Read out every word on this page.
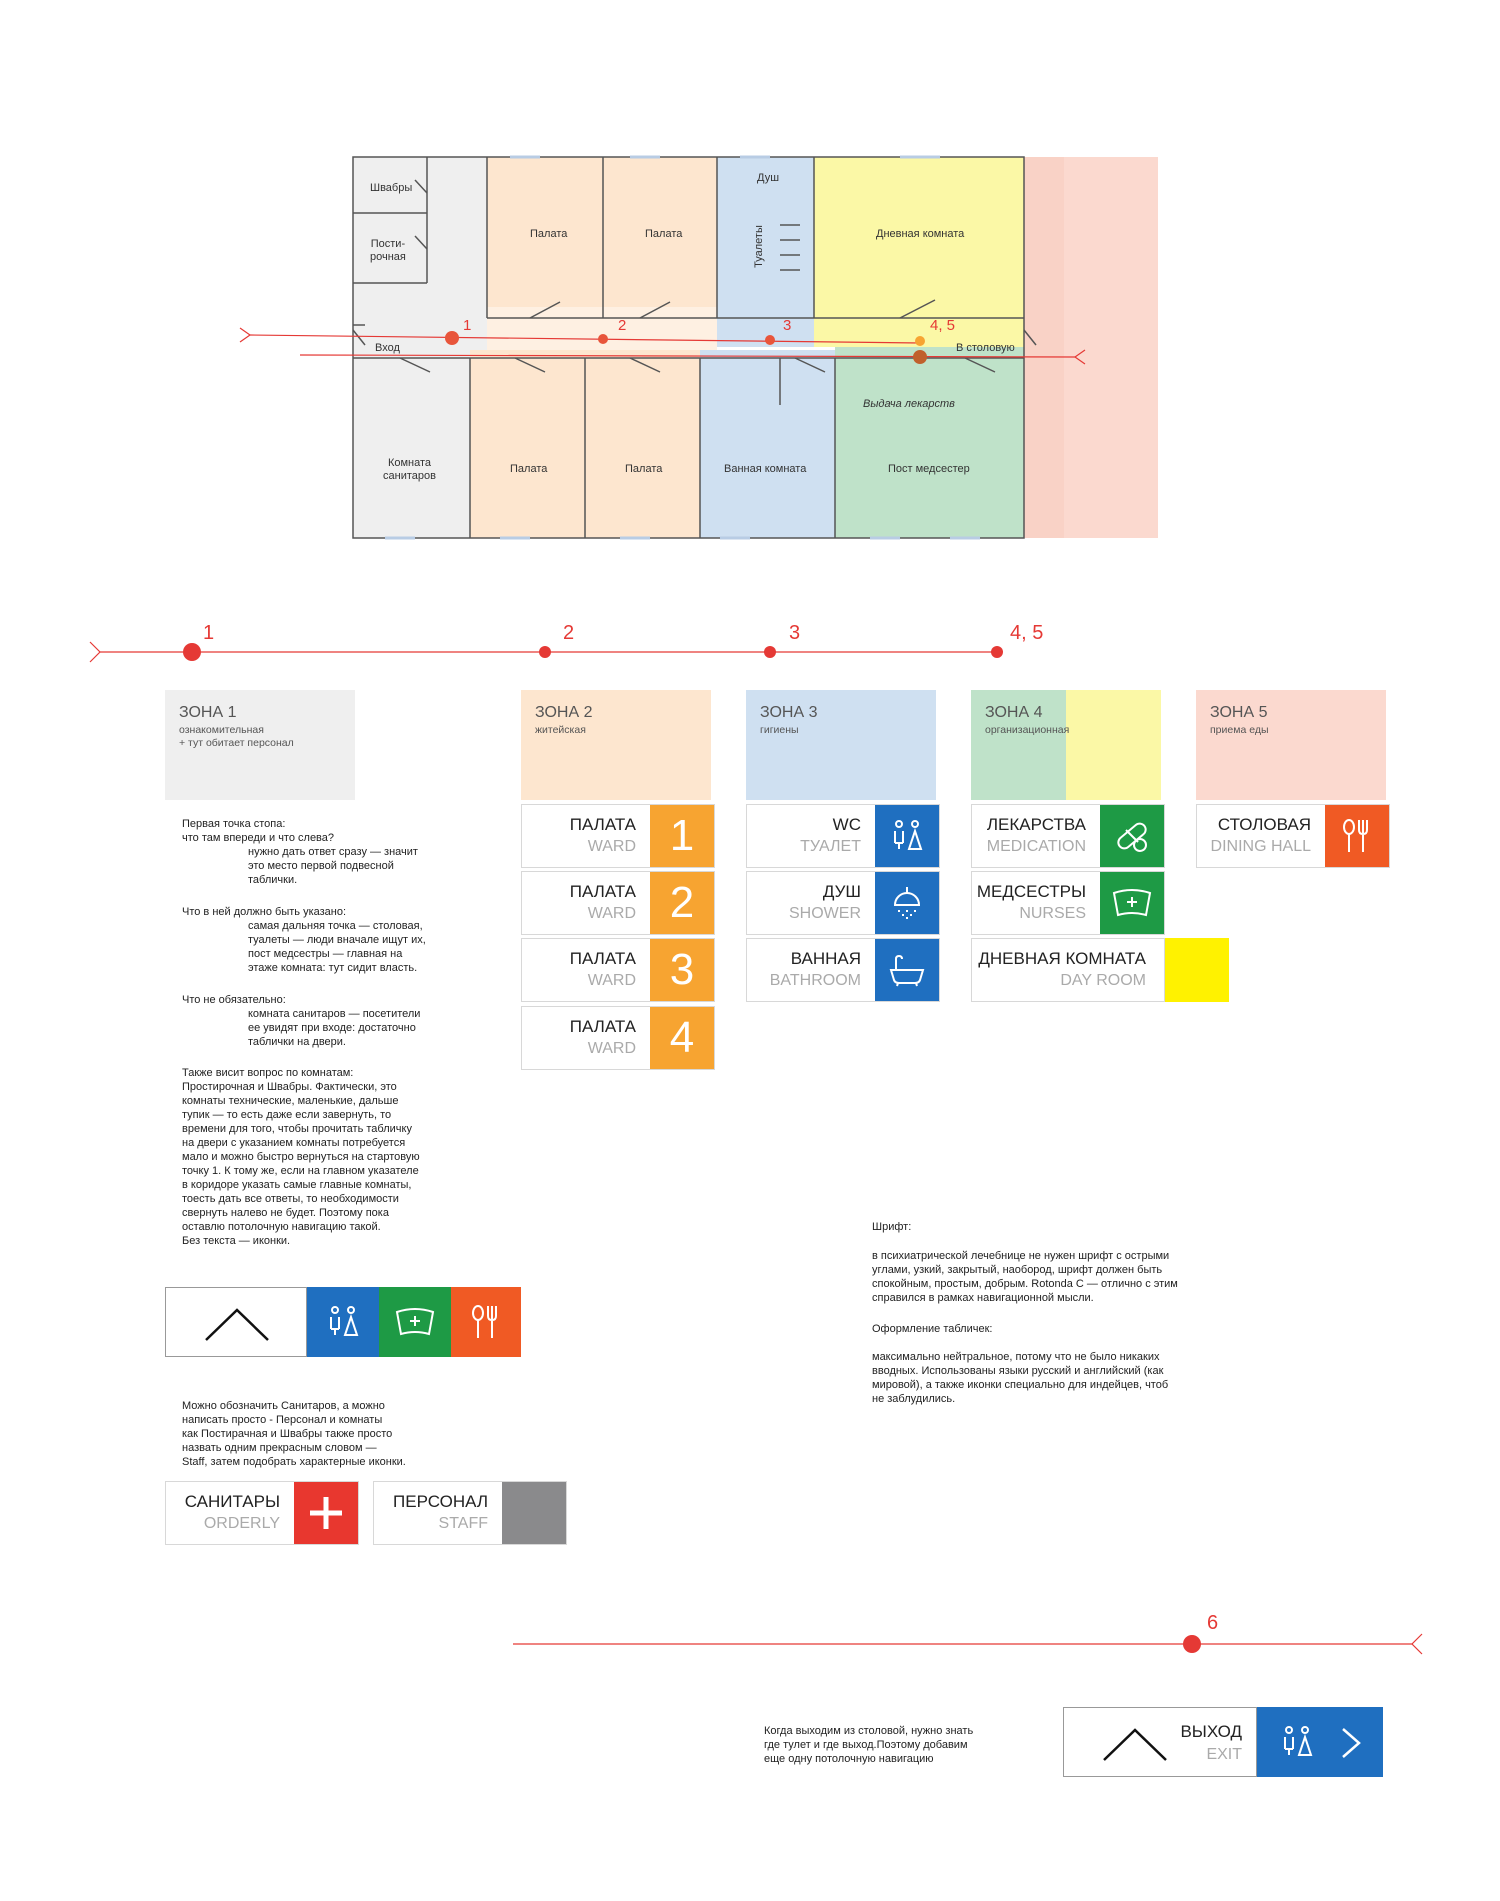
Швабры
Пости-
рочная
Палата	Палата
Душ
Туалеты	Дневная комната
Вход	В столовую
Выдача лекарств
Комната
санитаров
Палата	Палата	Ванная комната	Пост медсестер
1	2	3	4, 5
1	2	3	4, 5
ЗОНА 1
ознакомительная
+ тут обитает персонал
ЗОНА 2
житейская
ЗОНА 3
гигиены
ЗОНА 4
организационная
ЗОНА 5
приема еды
ПАЛАТА
WARD 1
ПАЛАТА
WARD 2
ПАЛАТА
WARD 3
ПАЛАТА
WARD 4
WC
ТУАЛЕТ
ДУШ
SHOWER
ВАННАЯ
BATHROOM
ЛЕКАРСТВА
MEDICATION
МЕДСЕСТРЫ
NURSES
ДНЕВНАЯ КОМНАТА
DAY ROOM
СТОЛОВАЯ
DINING HALL
Первая точка стопа:
что там впереди и что слева?
нужно дать ответ сразу — значит
это место первой подвесной
таблички.
Что в ней должно быть указано:
самая дальняя точка — столовая,
туалеты — люди вначале ищут их,
пост медсестры — главная на
этаже комната: тут сидит власть.
Что не обязательно:
комната санитаров — посетители
ее увидят при входе: достаточно
таблички на двери.
Также висит вопрос по комнатам:
Простирочная и Швабры. Фактически, это
комнаты технические, маленькие, дальше
тупик — то есть даже если завернуть, то
времени для того, чтобы прочитать табличку
на двери с указанием комнаты потребуется
мало и можно быстро вернуться на стартовую
точку 1. К тому же, если на главном указателе
в коридоре указать самые главные комнаты,
тоесть дать все ответы, то необходимости
свернуть налево не будет. Поэтому пока
оставлю потолочную навигацию такой.
Без текста — иконки.
Можно обозначить Санитаров, а можно
написать просто - Персонал и комнаты
как Постирачная и Швабры также просто
назвать одним прекрасным словом —
Staff, затем подобрать характерные иконки.
САНИТАРЫ
ORDERLY
ПЕРСОНАЛ
STAFF
Шрифт:
в психиатрической лечебнице не нужен шрифт с острыми
углами, узкий, закрытый, наобород, шрифт должен быть
спокойным, простым, добрым. Rotonda C — отлично с этим
справился в рамках навигационной мысли.
Оформление табличек:
максимально нейтральное, потому что не было никаких
вводных. Использованы языки русский и английский (как
мировой), а также иконки специально для индейцев, чтоб
не заблудились.
6
Когда выходим из столовой, нужно знать
где тулет и где выход.Поэтому добавим
еще одну потолочную навигацию
ВЫХОД
EXIT
